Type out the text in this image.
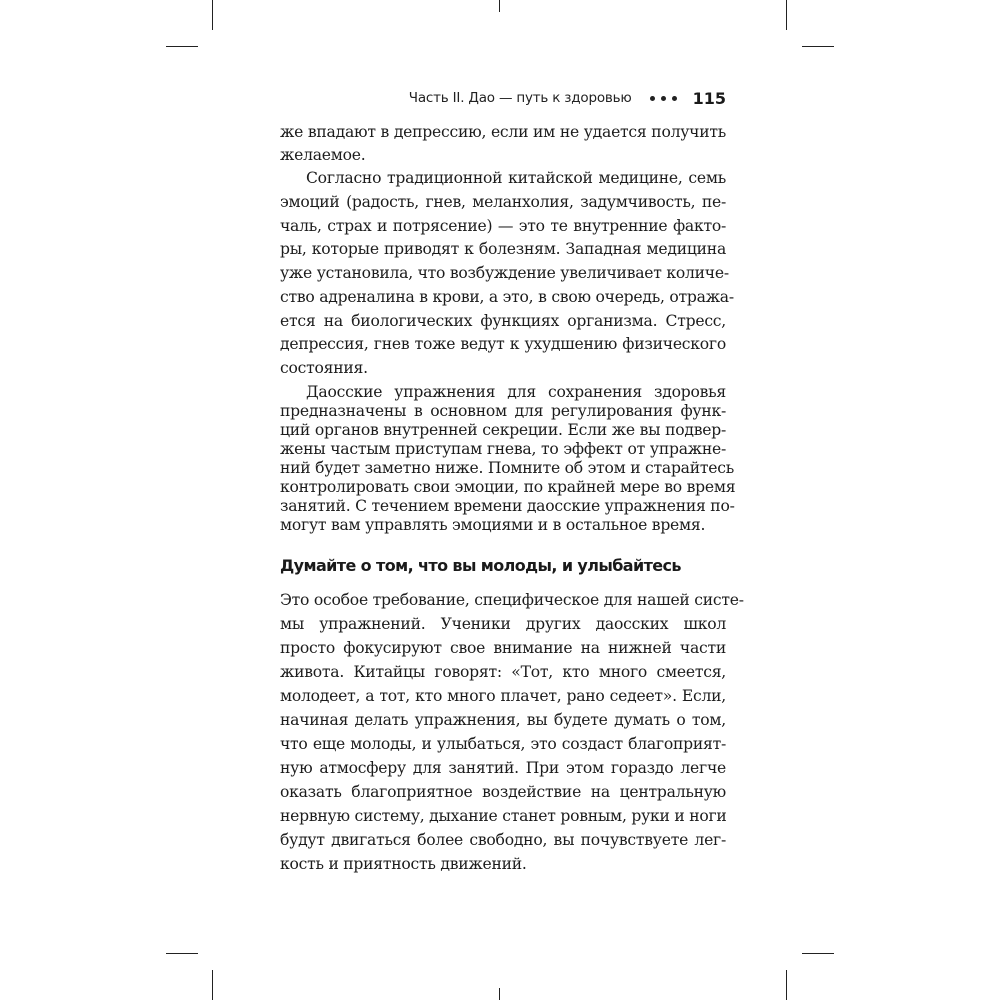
Часть II. Дао — путь к здоровью	115
же впадают в депрессию, если им не удается получить
желаемое.
Согласно традиционной китайской медицине, семь
эмоций (радость, гнев, меланхолия, задумчивость, пе-
чаль, страх и потрясение) — это те внутренние факто-
ры, которые приводят к болезням. Западная медицина
уже установила, что возбуждение увеличивает количе-
ство адреналина в крови, а это, в свою очередь, отража-
ется на биологических функциях организма. Стресс,
депрессия, гнев тоже ведут к ухудшению физического
состояния.
Даосские упражнения для сохранения здоровья
предназначены в основном для регулирования функ-
ций органов внутренней секреции. Если же вы подвер-
жены частым приступам гнева, то эффект от упражне-
ний будет заметно ниже. Помните об этом и старайтесь
контролировать свои эмоции, по крайней мере во время
занятий. С течением времени даосские упражнения по-
могут вам управлять эмоциями и в остальное время.
Думайте о том, что вы молоды, и улыбайтесь
Это особое требование, специфическое для нашей систе-
мы упражнений. Ученики других даосских школ
просто фокусируют свое внимание на нижней части
живота. Китайцы говорят: «Тот, кто много смеется,
молодеет, а тот, кто много плачет, рано седеет». Если,
начиная делать упражнения, вы будете думать о том,
что еще молоды, и улыбаться, это создаст благоприят-
ную атмосферу для занятий. При этом гораздо легче
оказать благоприятное воздействие на центральную
нервную систему, дыхание станет ровным, руки и ноги
будут двигаться более свободно, вы почувствуете лег-
кость и приятность движений.
